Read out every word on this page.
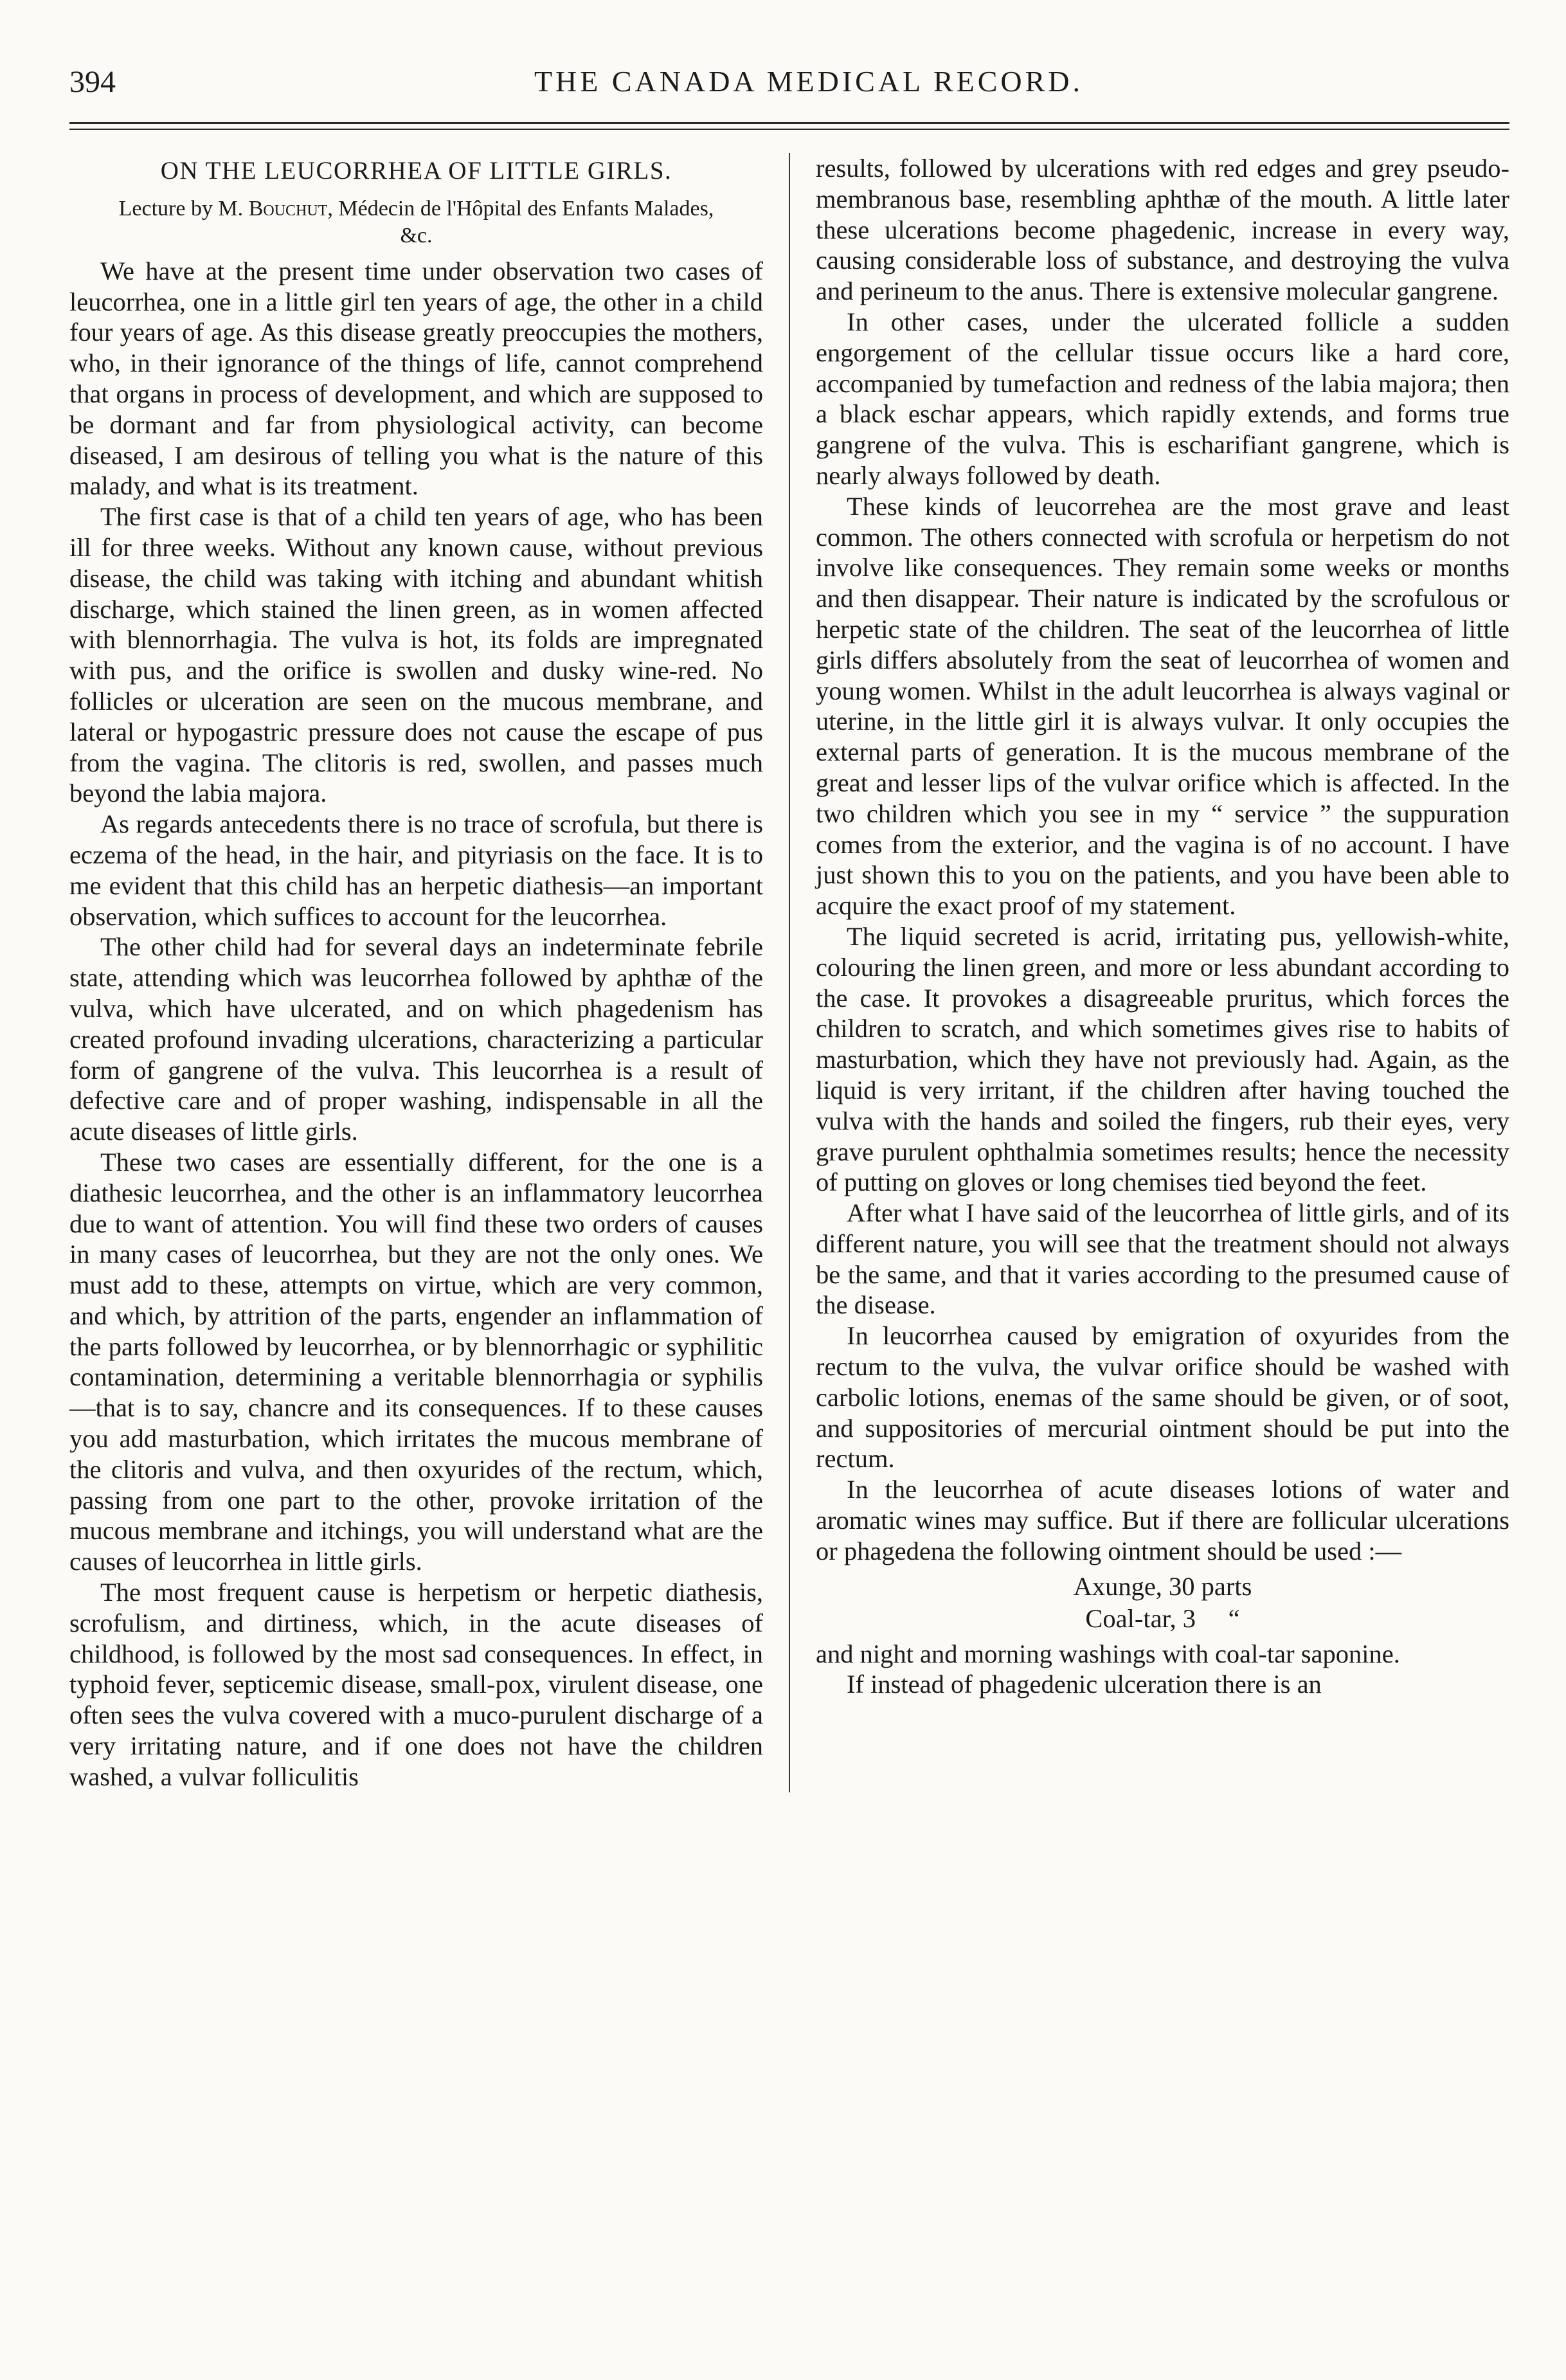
394	THE CANADA MEDICAL RECORD.
ON THE LEUCORRHEA OF LITTLE GIRLS.
Lecture by M. Bouchut, Médecin de l'Hôpital des Enfants Malades, &c.

We have at the present time under observation two cases of leucorrhea, one in a little girl ten years of age, the other in a child four years of age. As this disease greatly preoccupies the mothers, who, in their ignorance of the things of life, cannot comprehend that organs in process of development, and which are supposed to be dormant and far from physiological activity, can become diseased, I am desirous of telling you what is the nature of this malady, and what is its treatment.

The first case is that of a child ten years of age, who has been ill for three weeks. Without any known cause, without previous disease, the child was taking with itching and abundant whitish discharge, which stained the linen green, as in women affected with blennorrhagia. The vulva is hot, its folds are impregnated with pus, and the orifice is swollen and dusky wine-red. No follicles or ulceration are seen on the mucous membrane, and lateral or hypogastric pressure does not cause the escape of pus from the vagina. The clitoris is red, swollen, and passes much beyond the labia majora.

As regards antecedents there is no trace of scrofula, but there is eczema of the head, in the hair, and pityriasis on the face. It is to me evident that this child has an herpetic diathesis—an important observation, which suffices to account for the leucorrhea.

The other child had for several days an indeterminate febrile state, attending which was leucorrhea followed by aphthæ of the vulva, which have ulcerated, and on which phagedenism has created profound invading ulcerations, characterizing a particular form of gangrene of the vulva. This leucorrhea is a result of defective care and of proper washing, indispensable in all the acute diseases of little girls.

These two cases are essentially different, for the one is a diathesic leucorrhea, and the other is an inflammatory leucorrhea due to want of attention. You will find these two orders of causes in many cases of leucorrhea, but they are not the only ones. We must add to these, attempts on virtue, which are very common, and which, by attrition of the parts, engender an inflammation of the parts followed by leucorrhea, or by blennorrhagic or syphilitic contamination, determining a veritable blennorrhagia or syphilis —that is to say, chancre and its consequences. If to these causes you add masturbation, which irritates the mucous membrane of the clitoris and vulva, and then oxyurides of the rectum, which, passing from one part to the other, provoke irritation of the mucous membrane and itchings, you will understand what are the causes of leucorrhea in little girls.

The most frequent cause is herpetism or herpetic diathesis, scrofulism, and dirtiness, which, in the acute diseases of childhood, is followed by the most sad consequences. In effect, in typhoid fever, septicemic disease, small-pox, virulent disease, one often sees the vulva covered with a muco-purulent discharge of a very irritating nature, and if one does not have the children washed, a vulvar folliculitis

results, followed by ulcerations with red edges and grey pseudo-membranous base, resembling aphthæ of the mouth. A little later these ulcerations become phagedenic, increase in every way, causing considerable loss of substance, and destroying the vulva and perineum to the anus. There is extensive molecular gangrene.

In other cases, under the ulcerated follicle a sudden engorgement of the cellular tissue occurs like a hard core, accompanied by tumefaction and redness of the labia majora; then a black eschar appears, which rapidly extends, and forms true gangrene of the vulva. This is escharifiant gangrene, which is nearly always followed by death.

These kinds of leucorrehea are the most grave and least common. The others connected with scrofula or herpetism do not involve like consequences. They remain some weeks or months and then disappear. Their nature is indicated by the scrofulous or herpetic state of the children. The seat of the leucorrhea of little girls differs absolutely from the seat of leucorrhea of women and young women. Whilst in the adult leucorrhea is always vaginal or uterine, in the little girl it is always vulvar. It only occupies the external parts of generation. It is the mucous membrane of the great and lesser lips of the vulvar orifice which is affected. In the two children which you see in my “ service ” the suppuration comes from the exterior, and the vagina is of no account. I have just shown this to you on the patients, and you have been able to acquire the exact proof of my statement.

The liquid secreted is acrid, irritating pus, yellowish-white, colouring the linen green, and more or less abundant according to the case. It provokes a disagreeable pruritus, which forces the children to scratch, and which sometimes gives rise to habits of masturbation, which they have not previously had. Again, as the liquid is very irritant, if the children after having touched the vulva with the hands and soiled the fingers, rub their eyes, very grave purulent ophthalmia sometimes results; hence the necessity of putting on gloves or long chemises tied beyond the feet.

After what I have said of the leucorrhea of little girls, and of its different nature, you will see that the treatment should not always be the same, and that it varies according to the presumed cause of the disease.

In leucorrhea caused by emigration of oxyurides from the rectum to the vulva, the vulvar orifice should be washed with carbolic lotions, enemas of the same should be given, or of soot, and suppositories of mercurial ointment should be put into the rectum.

In the leucorrhea of acute diseases lotions of water and aromatic wines may suffice. But if there are follicular ulcerations or phagedena the following ointment should be used :—

Axunge, 30 parts
Coal-tar, 3     “

and night and morning washings with coal-tar saponine.

If instead of phagedenic ulceration there is an
